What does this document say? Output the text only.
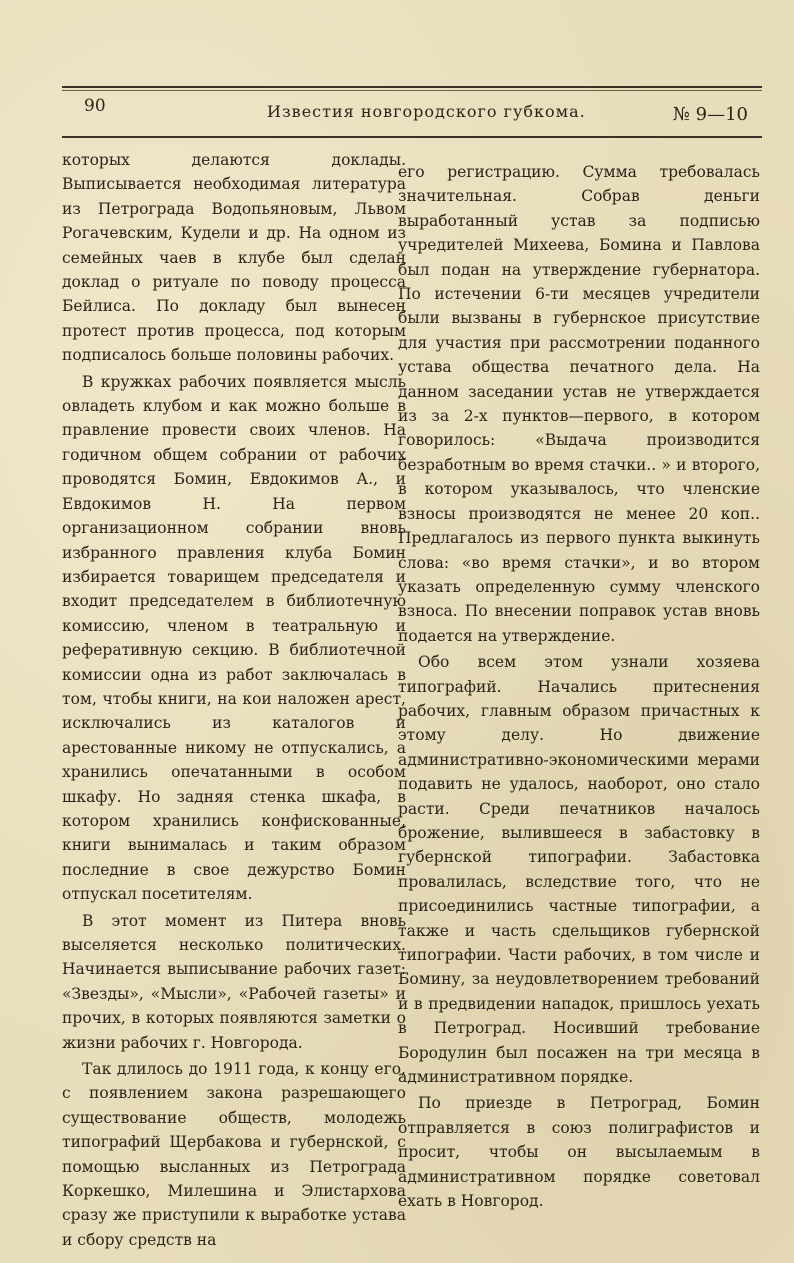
90	Известия новгородского губкома.	№ 9—10

которых делаются доклады. Выписывается необходимая литература из Петрограда Водопьяновым, Львом Рогачевским, Кудели и др. На одном из семейных чаев в клубе был сделан доклад о ритуале по поводу процесса Бейлиса. По докладу был вынесен протест против процесса, под которым подписалось больше половины рабочих.

В кружках рабочих появляется мысль овладеть клубом и как можно больше в правление провести своих членов. На годичном общем собрании от рабочих проводятся Бомин, Евдокимов А., и Евдокимов Н. На первом организационном собрании вновь избранного правления клуба Бомин избирается товарищем председателя и входит председателем в библиотечную комиссию, членом в театральную и реферативную секцию. В библиотечной комиссии одна из работ заключалась в том, чтобы книги, на кои наложен арест, исключались из каталогов и арестованные никому не отпускались, а хранились опечатанными в особом шкафу. Но задняя стенка шкафа, в котором хранились конфискованные, книги вынималась и таким образом последние в свое дежурство Бомин отпускал посетителям.

В этот момент из Питера вновь выселяется несколько политических. Начинается выписывание рабочих газет: «Звезды», «Мысли», «Рабочей газеты» и прочих, в которых появляются заметки о жизни рабочих г. Новгорода.

Так длилось до 1911 года, к концу его, с появлением закона разрешающего существование обществ, молодежь типографий Щербакова и губернской, с помощью высланных из Петрограда Коркешко, Милешина и Элистархова сразу же приступили к выработке устава и сбору средств на

его регистрацию. Сумма требовалась значительная. Собрав деньги выработанный устав за подписью учредителей Михеева, Бомина и Павлова был подан на утверждение губернатора. По истечении 6-ти месяцев учредители были вызваны в губернское присутствие для участия при рассмотрении поданного устава общества печатного дела. На данном заседании устав не утверждается из за 2-х пунктов—первого, в котором говорилось: «Выдача производится безработным во время стачки.. » и второго, в котором указывалось, что членские взносы производятся не менее 20 коп.. Предлагалось из первого пункта выкинуть слова: «во время стачки», и во втором указать определенную сумму членского взноса. По внесении поправок устав вновь подается на утверждение.

Обо всем этом узнали хозяева типографий. Начались притеснения рабочих, главным образом причастных к этому делу. Но движение административно-экономическими мерами подавить не удалось, наоборот, оно стало расти. Среди печатников началось брожение, вылившееся в забастовку в губернской типографии. Забастовка провалилась, вследствие того, что не присоединились частные типографии, а также и часть сдельщиков губернской типографии. Части рабочих, в том числе и Бомину, за неудовлетворением требований и в предвидении нападок, пришлось уехать в Петроград. Носивший требование Бородулин был посажен на три месяца в административном порядке.

По приезде в Петроград, Бомин отправляется в союз полиграфистов и просит, чтобы он высылаемым в административном порядке советовал ехать в Новгород.
